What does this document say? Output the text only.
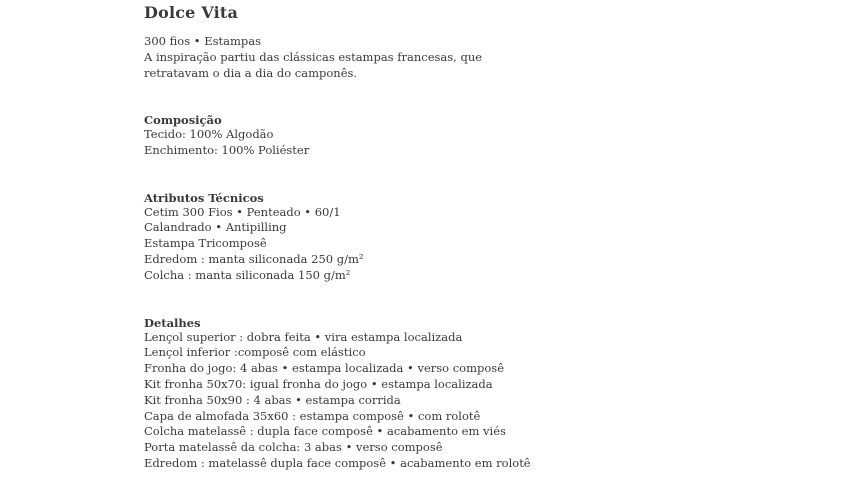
Dolce Vita
300 fios • Estampas
A inspiração partiu das clássicas estampas francesas, que retratavam o dia a dia do camponês.
Composição
Tecido: 100% Algodão
Enchimento: 100% Poliéster
Atributos Técnicos
Cetim 300 Fios • Penteado • 60/1
Calandrado • Antipilling
Estampa Tricomposê
Edredom : manta siliconada 250 g/m²
Colcha : manta siliconada 150 g/m²
Detalhes
Lençol superior : dobra feita • vira estampa localizada
Lençol inferior :composê com elástico
Fronha do jogo: 4 abas • estampa localizada • verso composê
Kit fronha 50x70: igual fronha do jogo • estampa localizada
Kit fronha 50x90 : 4 abas • estampa corrida
Capa de almofada 35x60 : estampa composê • com rolotê
Colcha matelassê : dupla face composê • acabamento em viés
Porta matelassê da colcha: 3 abas • verso composê
Edredom : matelassê dupla face composê • acabamento em rolotê
